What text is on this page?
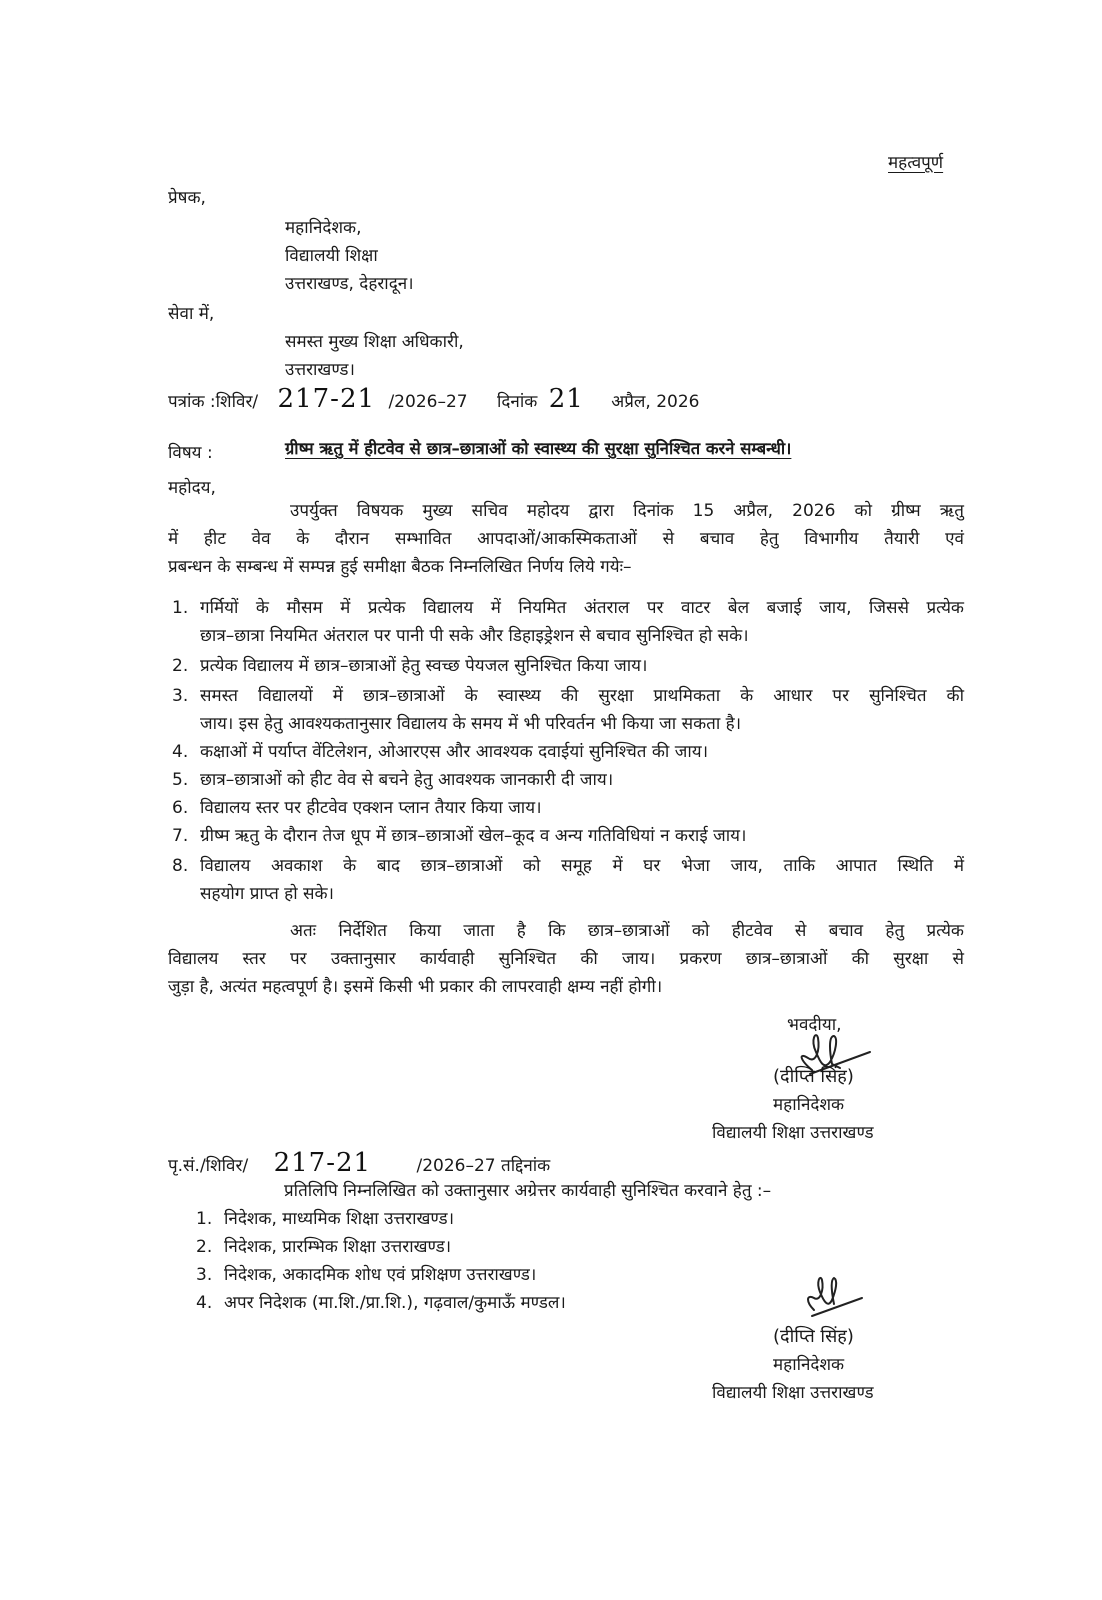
महत्वपूर्ण
प्रेषक,
महानिदेशक,
विद्यालयी शिक्षा
उत्तराखण्ड, देहरादून।
सेवा में,
समस्त मुख्य शिक्षा अधिकारी,
उत्तराखण्ड।
पत्रांक :शिविर/ 217-21 /2026–27 दिनांक 21 अप्रैल, 2026
विषय :	ग्रीष्म ऋतु में हीटवेव से छात्र–छात्राओं को स्वास्थ्य की सुरक्षा सुनिश्चित करने सम्बन्धी।
महोदय,
उपर्युक्त विषयक मुख्य सचिव महोदय द्वारा दिनांक 15 अप्रैल, 2026 को ग्रीष्म ऋतु
में हीट वेव के दौरान सम्भावित आपदाओं/आकस्मिकताओं से बचाव हेतु विभागीय तैयारी एवं
प्रबन्धन के सम्बन्ध में सम्पन्न हुई समीक्षा बैठक निम्नलिखित निर्णय लिये गयेः–
1. गर्मियों के मौसम में प्रत्येक विद्यालय में नियमित अंतराल पर वाटर बेल बजाई जाय, जिससे प्रत्येक
छात्र–छात्रा नियमित अंतराल पर पानी पी सके और डिहाइड्रेशन से बचाव सुनिश्चित हो सके।
2. प्रत्येक विद्यालय में छात्र–छात्राओं हेतु स्वच्छ पेयजल सुनिश्चित किया जाय।
3. समस्त विद्यालयों में छात्र–छात्राओं के स्वास्थ्य की सुरक्षा प्राथमिकता के आधार पर सुनिश्चित की
जाय। इस हेतु आवश्यकतानुसार विद्यालय के समय में भी परिवर्तन भी किया जा सकता है।
4. कक्षाओं में पर्याप्त वेंटिलेशन, ओआरएस और आवश्यक दवाईयां सुनिश्चित की जाय।
5. छात्र–छात्राओं को हीट वेव से बचने हेतु आवश्यक जानकारी दी जाय।
6. विद्यालय स्तर पर हीटवेव एक्शन प्लान तैयार किया जाय।
7. ग्रीष्म ऋतु के दौरान तेज धूप में छात्र–छात्राओं खेल–कूद व अन्य गतिविधियां न कराई जाय।
8. विद्यालय अवकाश के बाद छात्र–छात्राओं को समूह में घर भेजा जाय, ताकि आपात स्थिति में
सहयोग प्राप्त हो सके।
अतः निर्देशित किया जाता है कि छात्र–छात्राओं को हीटवेव से बचाव हेतु प्रत्येक
विद्यालय स्तर पर उक्तानुसार कार्यवाही सुनिश्चित की जाय। प्रकरण छात्र–छात्राओं की सुरक्षा से
जुड़ा है, अत्यंत महत्वपूर्ण है। इसमें किसी भी प्रकार की लापरवाही क्षम्य नहीं होगी।
भवदीया,
(दीप्ति सिंह)
महानिदेशक
विद्यालयी शिक्षा उत्तराखण्ड
पृ.सं./शिविर/ 217-21	/2026–27 तद्दिनांक
प्रतिलिपि निम्नलिखित को उक्तानुसार अग्रेत्तर कार्यवाही सुनिश्चित करवाने हेतु :–
1. निदेशक, माध्यमिक शिक्षा उत्तराखण्ड।
2. निदेशक, प्रारम्भिक शिक्षा उत्तराखण्ड।
3. निदेशक, अकादमिक शोध एवं प्रशिक्षण उत्तराखण्ड।
4. अपर निदेशक (मा.शि./प्रा.शि.), गढ़वाल/कुमाऊँ मण्डल।
(दीप्ति सिंह)
महानिदेशक
विद्यालयी शिक्षा उत्तराखण्ड
